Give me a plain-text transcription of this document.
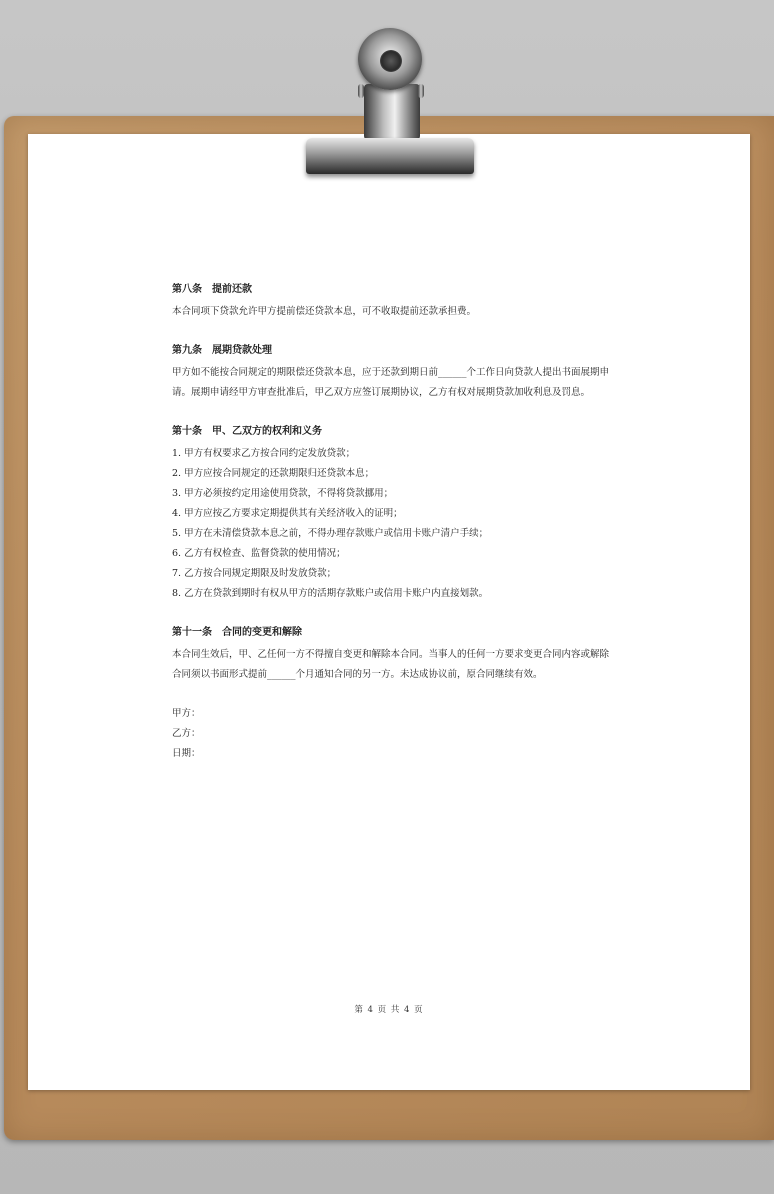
第八条　提前还款

本合同项下贷款允许甲方提前偿还贷款本息，可不收取提前还款承担费。

第九条　展期贷款处理

甲方如不能按合同规定的期限偿还贷款本息，应于还款到期日前______个工作日向贷款人提出书面展期申请。展期申请经甲方审查批准后，甲乙双方应签订展期协议，乙方有权对展期贷款加收利息及罚息。

第十条　甲、乙双方的权利和义务

1. 甲方有权要求乙方按合同约定发放贷款；

2. 甲方应按合同规定的还款期限归还贷款本息；

3. 甲方必须按约定用途使用贷款，不得将贷款挪用；

4. 甲方应按乙方要求定期提供其有关经济收入的证明；

5. 甲方在未清偿贷款本息之前，不得办理存款账户或信用卡账户清户手续；

6. 乙方有权检查、监督贷款的使用情况；

7. 乙方按合同规定期限及时发放贷款；

8. 乙方在贷款到期时有权从甲方的活期存款账户或信用卡账户内直接划款。

第十一条　合同的变更和解除

本合同生效后，甲、乙任何一方不得擅自变更和解除本合同。当事人的任何一方要求变更合同内容或解除合同须以书面形式提前______个月通知合同的另一方。未达成协议前，原合同继续有效。

甲方：
乙方：
日期：
第 4 页 共 4 页
